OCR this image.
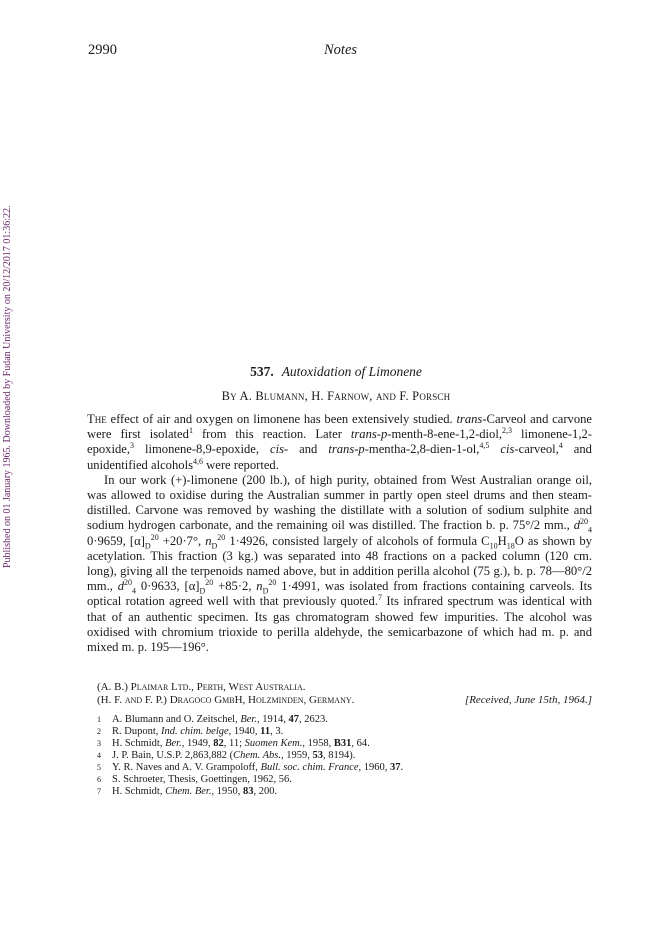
2990	Notes
Published on 01 January 1965. Downloaded by Fudan University on 20/12/2017 01:36:22.	537. Autoxidation of Limonene
By A. Blumann, H. Farnow, and F. Porsch

The effect of air and oxygen on limonene has been extensively studied. trans-Carveol and carvone were first isolated$^1$ from this reaction. Later trans-p-menth-8-ene-1,2-diol,$^{2,3}$ limonene-1,2-epoxide,$^3$ limonene-8,9-epoxide, cis- and trans-p-mentha-2,8-dien-1-ol,$^{4,5}$ cis-carveol,$^4$ and unidentified alcohols$^{4,6}$ were reported.

In our work (+)-limonene (200 lb.), of high purity, obtained from West Australian orange oil, was allowed to oxidise during the Australian summer in partly open steel drums and then steam-distilled. Carvone was removed by washing the distillate with a solution of sodium sulphite and sodium hydrogen carbonate, and the remaining oil was distilled. The fraction b. p. 75°/2 mm., $d^{20}_4$ 0·9659, $[\alpha]_D^{20} +20\cdot 7^\circ$, $n_D^{20}$ 1·4926, consisted largely of alcohols of formula $C_{10}H_{18}O$ as shown by acetylation. This fraction (3 kg.) was separated into 48 fractions on a packed column (120 cm. long), giving all the terpenoids named above, but in addition perilla alcohol (75 g.), b. p. 78—80°/2 mm., $d^{20}_4$ 0·9633, $[\alpha]_D^{20} +85\cdot 2$, $n_D^{20}$ 1·4991, was isolated from fractions containing carveols. Its optical rotation agreed well with that previously quoted.$^7$ Its infrared spectrum was identical with that of an authentic specimen. Its gas chromatogram showed few impurities. The alcohol was oxidised with chromium trioxide to perilla aldehyde, the semicarbazone of which had m. p. and mixed m. p. 195—196°.

(A. B.) Plaimar Ltd., Perth, West Australia.
(H. F. and F. P.) Dragoco GmbH, Holzminden, Germany.	[Received, June 15th, 1964.]
1	A. Blumann and O. Zeitschel, Ber., 1914, 47, 2623.
2	R. Dupont, Ind. chim. belge, 1940, 11, 3.
3	H. Schmidt, Ber., 1949, 82, 11; Suomen Kem., 1958, B31, 64.
4	J. P. Bain, U.S.P. 2,863,882 (Chem. Abs., 1959, 53, 8194).
5	Y. R. Naves and A. V. Grampoloff, Bull. soc. chim. France, 1960, 37.
6	S. Schroeter, Thesis, Goettingen, 1962, 56.
7	H. Schmidt, Chem. Ber., 1950, 83, 200.
